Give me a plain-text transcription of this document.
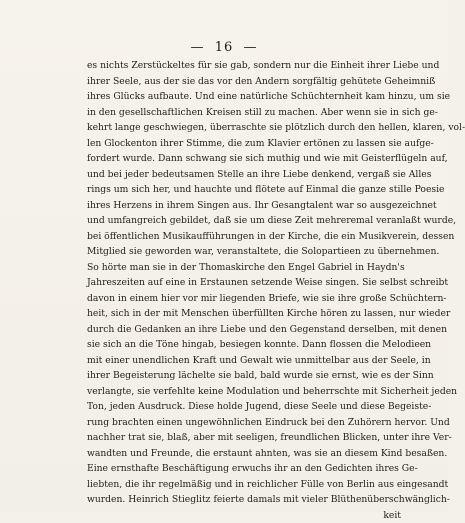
—  16  —
es nichts Zerstückeltes für sie gab, sondern nur die Einheit ihrer Liebe und
ihrer Seele, aus der sie das vor den Andern sorgfältig gehütete Geheimniß
ihres Glücks aufbaute. Und eine natürliche Schüchternheit kam hinzu, um sie
in den gesellschaftlichen Kreisen still zu machen. Aber wenn sie in sich ge-
kehrt lange geschwiegen, überraschte sie plötzlich durch den hellen, klaren, vol-
len Glockenton ihrer Stimme, die zum Klavier ertönen zu lassen sie aufge-
fordert wurde. Dann schwang sie sich muthig und wie mit Geisterflügeln auf,
und bei jeder bedeutsamen Stelle an ihre Liebe denkend, vergaß sie Alles
rings um sich her, und hauchte und flötete auf Einmal die ganze stille Poesie
ihres Herzens in ihrem Singen aus. Ihr Gesangtalent war so ausgezeichnet
und umfangreich gebildet, daß sie um diese Zeit mehreremal veranlaßt wurde,
bei öffentlichen Musikaufführungen in der Kirche, die ein Musikverein, dessen
Mitglied sie geworden war, veranstaltete, die Solopartieen zu übernehmen.
So hörte man sie in der Thomaskirche den Engel Gabriel in Haydn's
Jahreszeiten auf eine in Erstaunen setzende Weise singen. Sie selbst schreibt
davon in einem hier vor mir liegenden Briefe, wie sie ihre große Schüchtern-
heit, sich in der mit Menschen überfüllten Kirche hören zu lassen, nur wieder
durch die Gedanken an ihre Liebe und den Gegenstand derselben, mit denen
sie sich an die Töne hingab, besiegen konnte. Dann flossen die Melodieen
mit einer unendlichen Kraft und Gewalt wie unmittelbar aus der Seele, in
ihrer Begeisterung lächelte sie bald, bald wurde sie ernst, wie es der Sinn
verlangte, sie verfehlte keine Modulation und beherrschte mit Sicherheit jeden
Ton, jeden Ausdruck. Diese holde Jugend, diese Seele und diese Begeiste-
rung brachten einen ungewöhnlichen Eindruck bei den Zuhörern hervor. Und
nachher trat sie, blaß, aber mit seeligen, freundlichen Blicken, unter ihre Ver-
wandten und Freunde, die erstaunt ahnten, was sie an diesem Kind besaßen.
Eine ernsthafte Beschäftigung erwuchs ihr an den Gedichten ihres Ge-
liebten, die ihr regelmäßig und in reichlicher Fülle von Berlin aus eingesandt
wurden. Heinrich Stieglitz feierte damals mit vieler Blüthenüberschwänglich-
keit
